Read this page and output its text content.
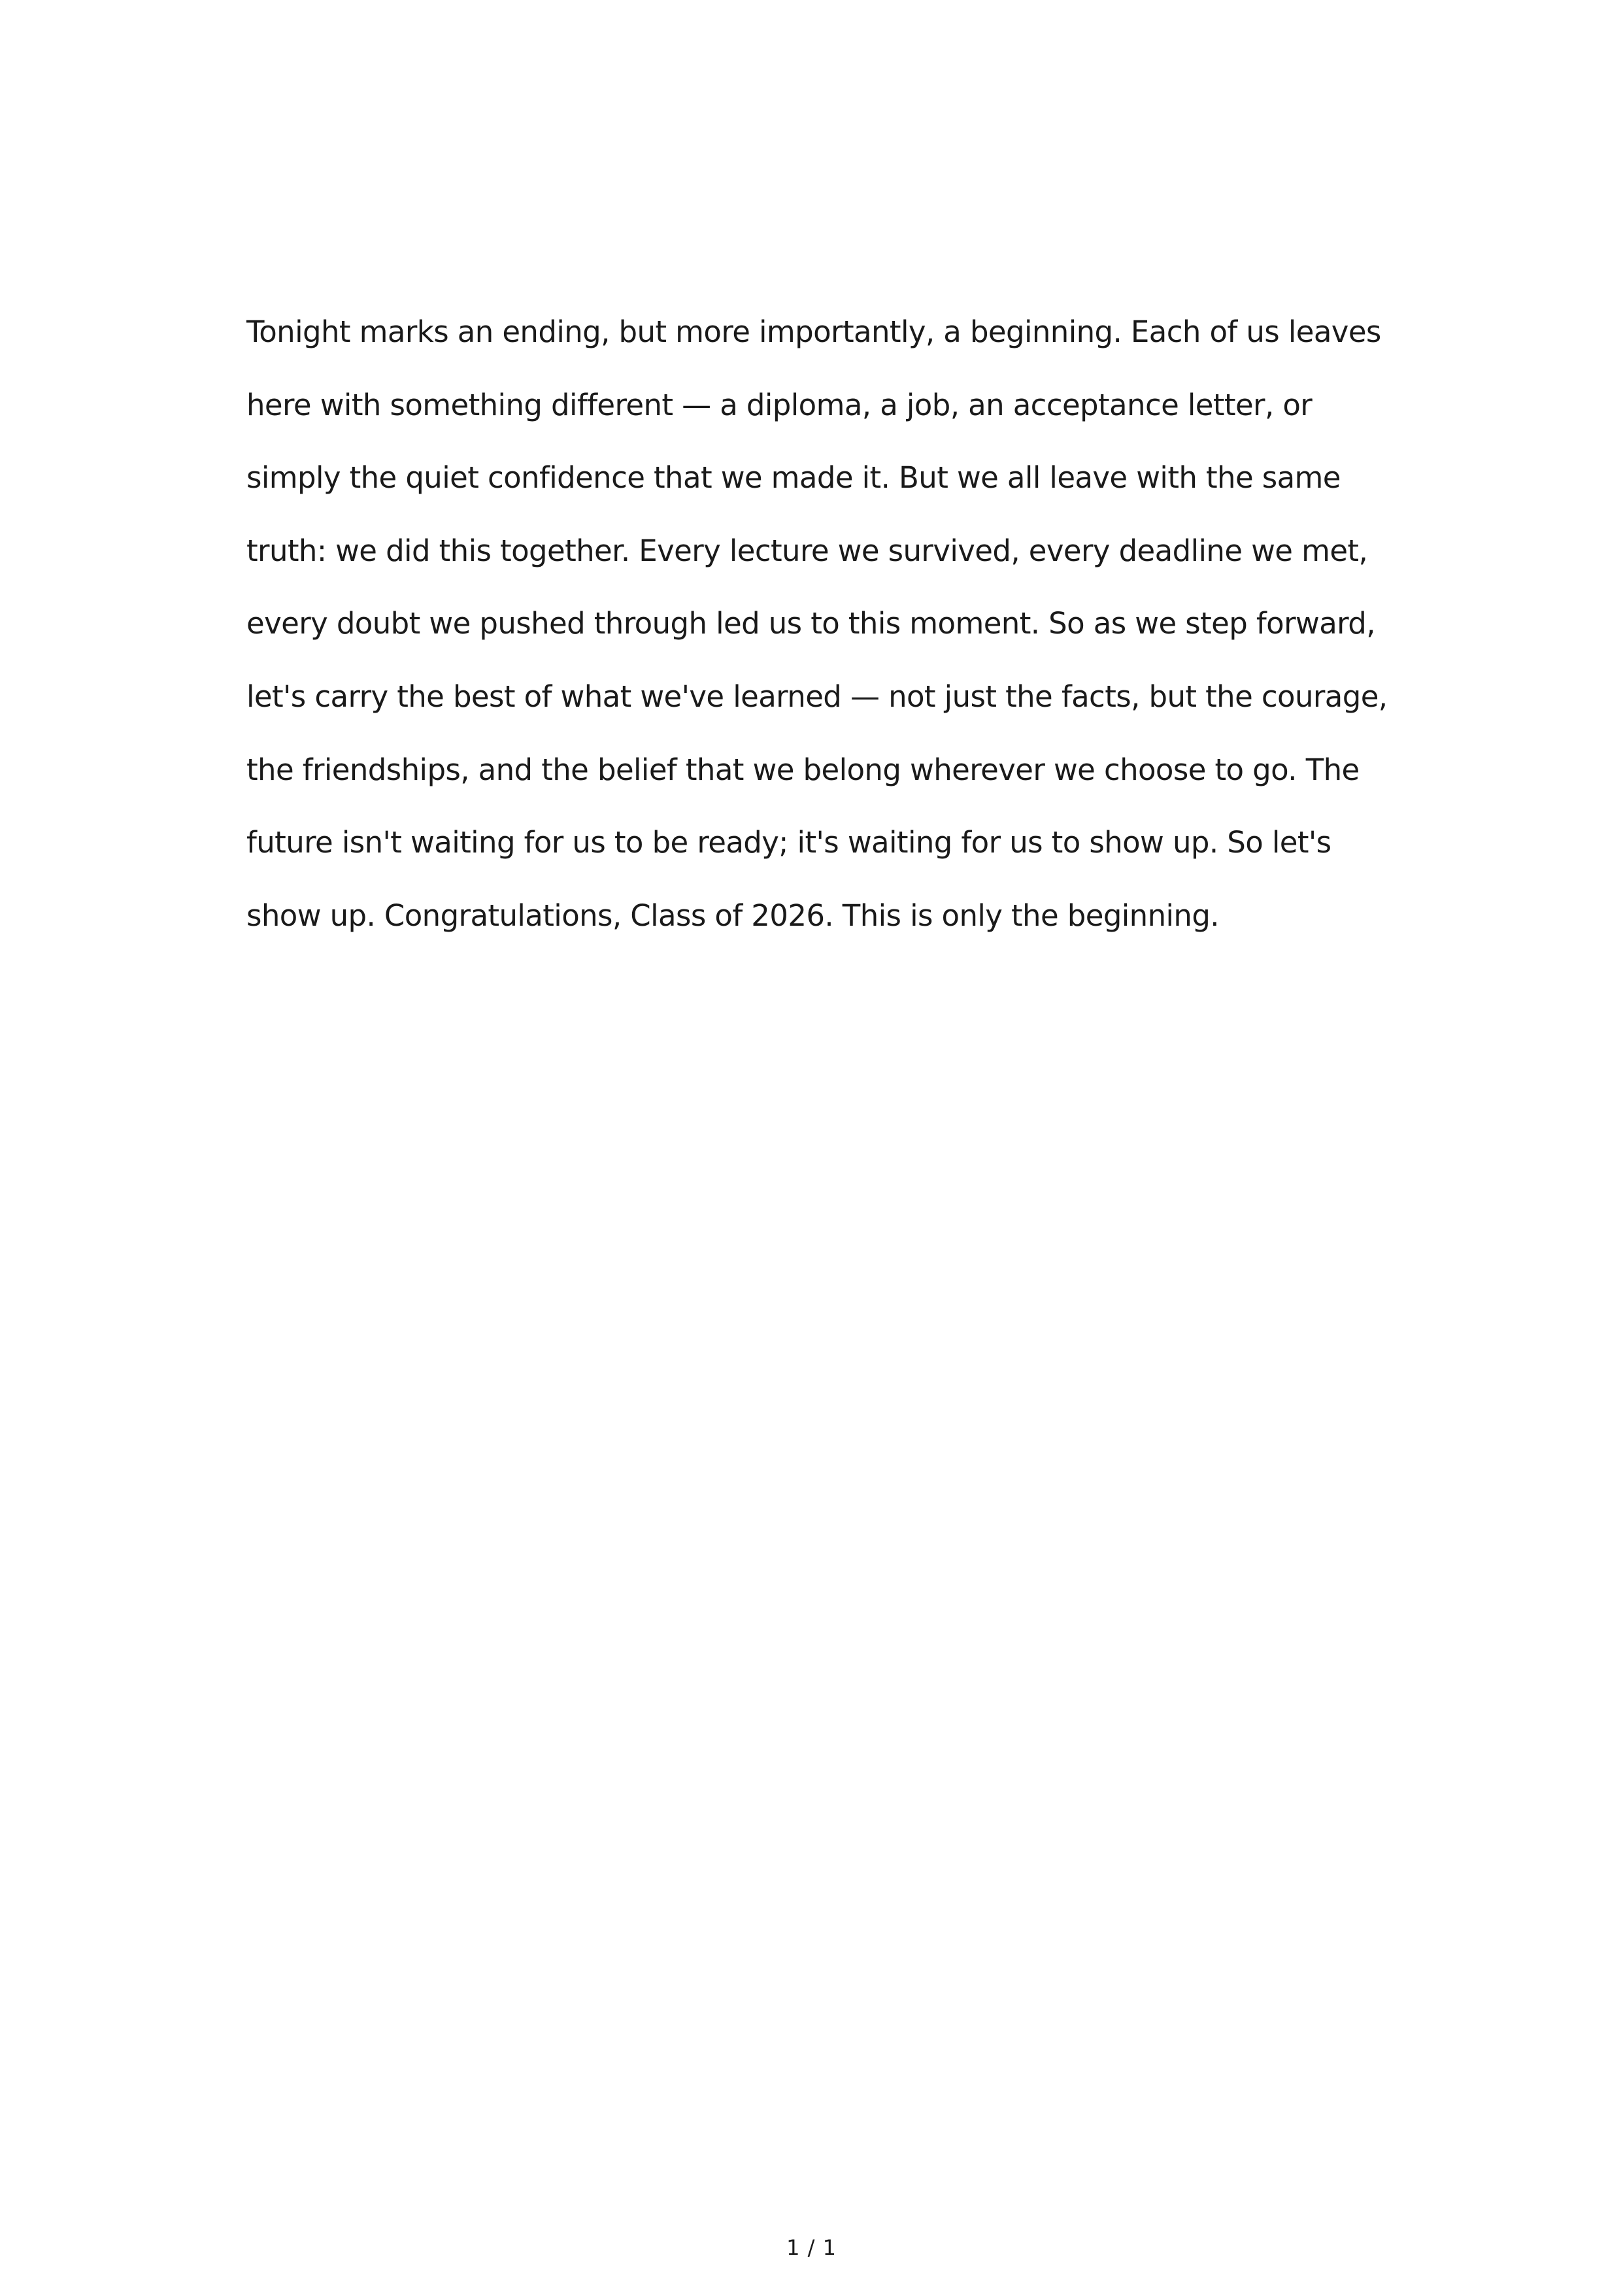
Tonight marks an ending, but more importantly, a beginning. Each of us leaves here with something different — a diploma, a job, an acceptance letter, or simply the quiet confidence that we made it. But we all leave with the same truth: we did this together. Every lecture we survived, every deadline we met, every doubt we pushed through led us to this moment. So as we step forward, let's carry the best of what we've learned — not just the facts, but the courage, the friendships, and the belief that we belong wherever we choose to go. The future isn't waiting for us to be ready; it's waiting for us to show up. So let's show up. Congratulations, Class of 2026. This is only the beginning.

1 / 1
